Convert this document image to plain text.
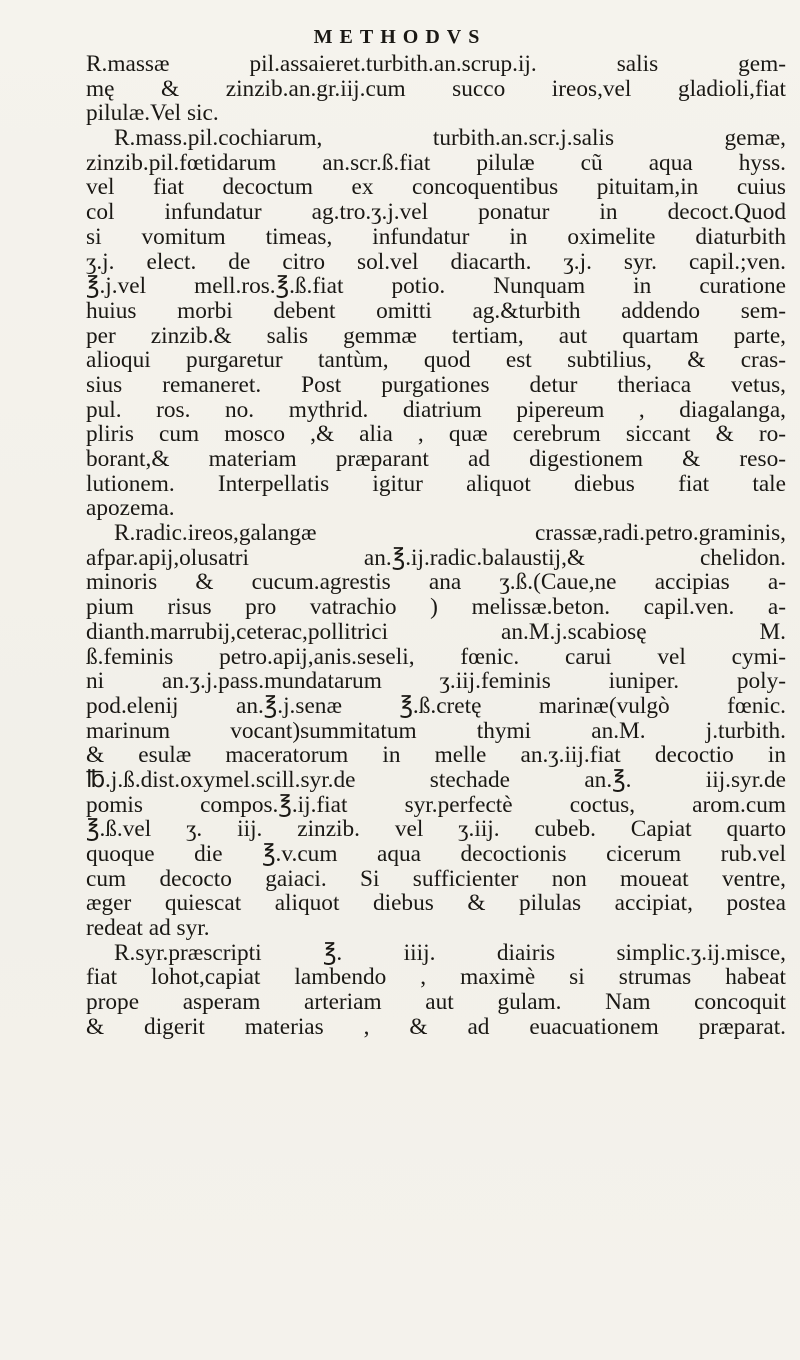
METHODVS
R.massæ pil.assaieret.turbith.an.scrup.ij. salis gem-
mę & zinzib.an.gr.iij.cum succo ireos,vel gladioli,fiat
pilulæ.Vel sic.
R.mass.pil.cochiarum, turbith.an.scr.j.salis gemæ,
zinzib.pil.fœtidarum an.scr.ß.fiat pilulæ cũ aqua hyss.
vel fiat decoctum ex concoquentibus pituitam,in cuius
col infundatur ag.tro.ʒ.j.vel ponatur in decoct.Quod
si vomitum timeas, infundatur in oximelite diaturbith
ʒ.j. elect. de citro sol.vel diacarth. ʒ.j. syr. capil.;ven.
℥.j.vel mell.ros.℥.ß.fiat potio. Nunquam in curatione
huius morbi debent omitti ag.&turbith addendo sem-
per zinzib.& salis gemmæ tertiam, aut quartam parte,
alioqui purgaretur tantùm, quod est subtilius, & cras-
sius remaneret. Post purgationes detur theriaca vetus,
pul. ros. no. mythrid. diatrium pipereum , diagalanga,
pliris cum mosco ,& alia , quæ cerebrum siccant & ro-
borant,& materiam præparant ad digestionem & reso-
lutionem. Interpellatis igitur aliquot diebus fiat tale
apozema.
R.radic.ireos,galangæ crassæ,radi.petro.graminis,
afpar.apij,olusatri an.℥.ij.radic.balaustij,& chelidon.
minoris & cucum.agrestis ana ʒ.ß.(Caue,ne accipias a-
pium risus pro vatrachio ) melissæ.beton. capil.ven. a-
dianth.marrubij,ceterac,pollitrici an.M.j.scabiosę M.
ß.feminis petro.apij,anis.seseli, fœnic. carui vel cymi-
ni an.ʒ.j.pass.mundatarum ʒ.iij.feminis iuniper. poly-
pod.elenij an.℥.j.senæ ℥.ß.cretę marinæ(vulgò fœnic.
marinum vocant)summitatum thymi an.M. j.turbith.
& esulæ maceratorum in melle an.ʒ.iij.fiat decoctio in
℔.j.ß.dist.oxymel.scill.syr.de stechade an.℥. iij.syr.de
pomis compos.℥.ij.fiat syr.perfectè coctus, arom.cum
℥.ß.vel ʒ. iij. zinzib. vel ʒ.iij. cubeb. Capiat quarto
quoque die ℥.v.cum aqua decoctionis cicerum rub.vel
cum decocto gaiaci. Si sufficienter non moueat ventre,
æger quiescat aliquot diebus & pilulas accipiat, postea
redeat ad syr.
R.syr.præscripti ℥. iiij. diairis simplic.ʒ.ij.misce,
fiat lohot,capiat lambendo , maximè si strumas habeat
prope asperam arteriam aut gulam. Nam concoquit
& digerit materias , & ad euacuationem præparat.
